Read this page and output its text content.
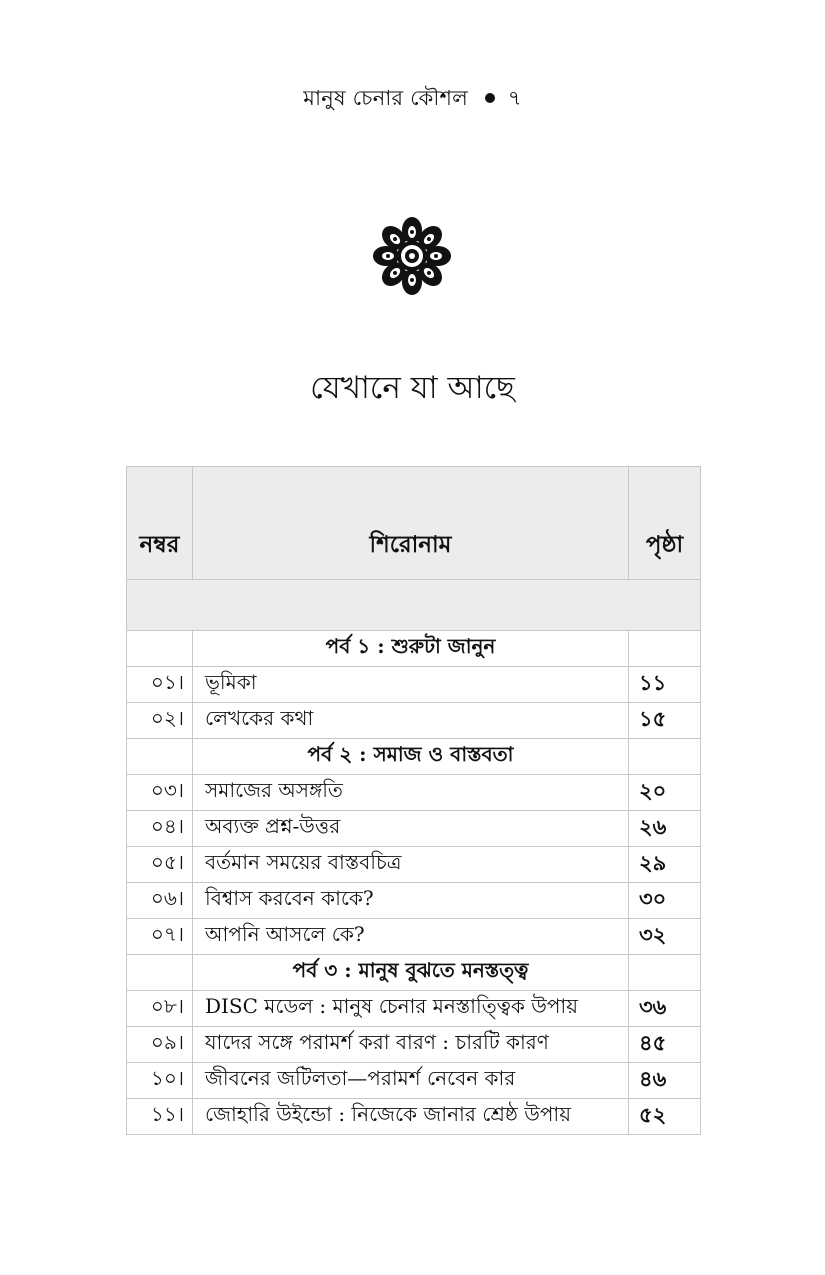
মানুষ চেনার কৌশল ৭
যেখানে যা আছে
নম্বর	শিরোনাম	পৃষ্ঠা

	পর্ব ১ : শুরুটা জানুন	
০১।	ভূমিকা	১১
০২।	লেখকের কথা	১৫
	পর্ব ২ : সমাজ ও বাস্তবতা	
০৩।	সমাজের অসঙ্গতি	২০
০৪।	অব্যক্ত প্রশ্ন-উত্তর	২৬
০৫।	বর্তমান সময়ের বাস্তবচিত্র	২৯
০৬।	বিশ্বাস করবেন কাকে?	৩০
০৭।	আপনি আসলে কে?	৩২
	পর্ব ৩ : মানুষ বুঝতে মনস্তত্ত্ব	
০৮।	DISC মডেল : মানুষ চেনার মনস্তাত্ত্বিক উপায়	৩৬
০৯।	যাদের সঙ্গে পরামর্শ করা বারণ : চারটি কারণ	৪৫
১০।	জীবনের জটিলতা—পরামর্শ নেবেন কার	৪৬
১১।	জোহারি উইন্ডো : নিজেকে জানার শ্রেষ্ঠ উপায়	৫২
